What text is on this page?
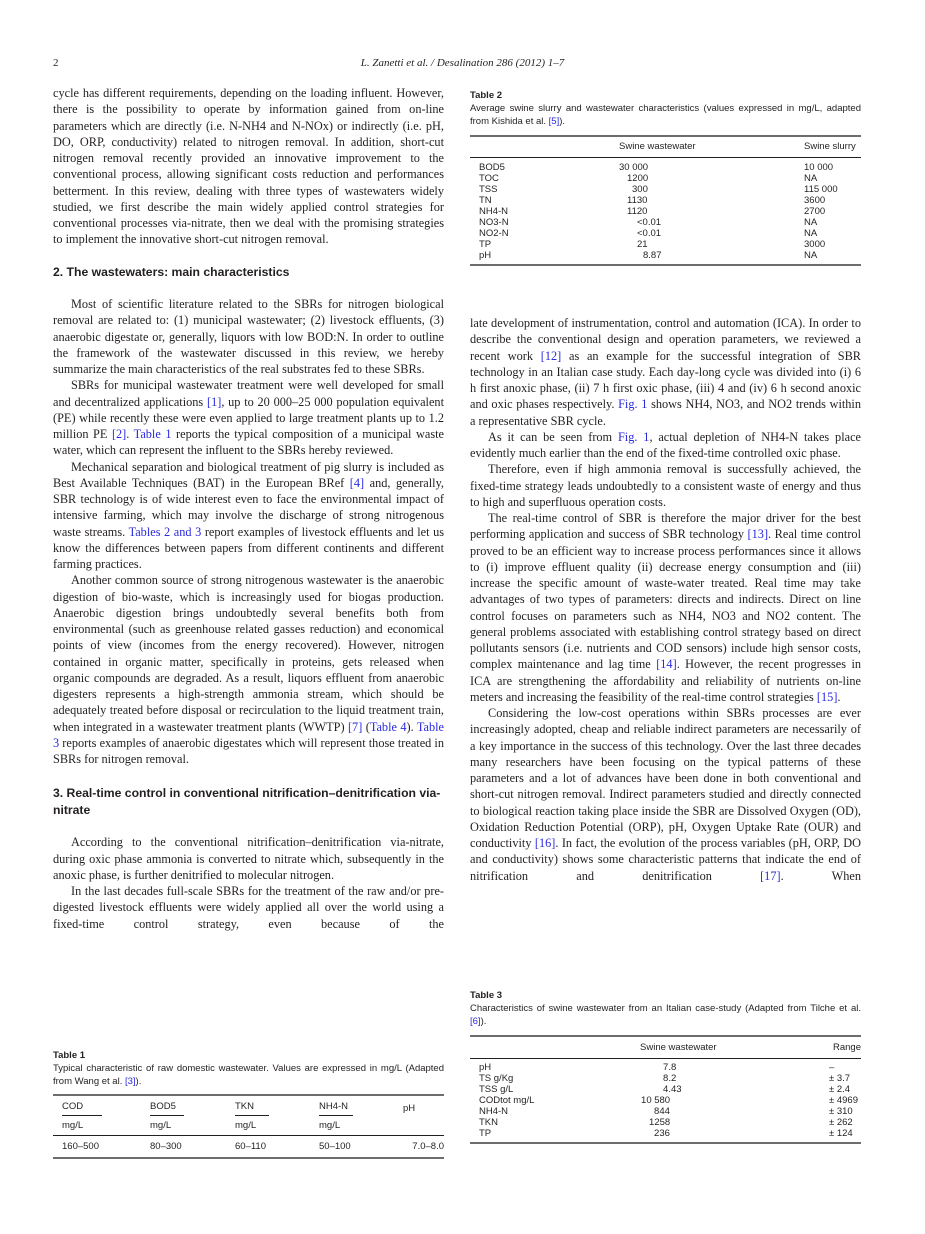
2	L. Zanetti et al. / Desalination 286 (2012) 1–7

cycle has different requirements, depending on the loading influent. However, there is the possibility to operate by information gained from on-line parameters which are directly (i.e. N-NH4 and N-NOx) or indirectly (i.e. pH, DO, ORP, conductivity) related to nitrogen removal. In addition, short-cut nitrogen removal recently provided an innovative improvement to the conventional process, allowing significant costs reduction and performances betterment. In this review, dealing with three types of wastewaters widely studied, we first describe the main widely applied control strategies for conventional processes via-nitrate, then we deal with the promising strategies to implement the innovative short-cut nitrogen removal.

2. The wastewaters: main characteristics

Most of scientific literature related to the SBRs for nitrogen biological removal are related to: (1) municipal wastewater; (2) livestock effluents, (3) anaerobic digestate or, generally, liquors with low BOD:N. In order to outline the framework of the wastewater discussed in this review, we hereby summarize the main characteristics of the real substrates fed to these SBRs.

SBRs for municipal wastewater treatment were well developed for small and decentralized applications [1], up to 20 000–25 000 population equivalent (PE) while recently these were even applied to large treatment plants up to 1.2 million PE [2]. Table 1 reports the typical composition of a municipal waste water, which can represent the influent to the SBRs hereby reviewed.

Mechanical separation and biological treatment of pig slurry is included as Best Available Techniques (BAT) in the European BRef [4] and, generally, SBR technology is of wide interest even to face the environmental impact of intensive farming, which may involve the discharge of strong nitrogenous waste streams. Tables 2 and 3 report examples of livestock effluents and let us know the differences between papers from different continents and different farming practices.

Another common source of strong nitrogenous wastewater is the anaerobic digestion of bio-waste, which is increasingly used for biogas production. Anaerobic digestion brings undoubtedly several benefits both from environmental (such as greenhouse related gasses reduction) and economical points of view (incomes from the energy recovered). However, nitrogen contained in organic matter, specifically in proteins, gets released when organic compounds are degraded. As a result, liquors effluent from anaerobic digesters represents a high-strength ammonia stream, which should be adequately treated before disposal or recirculation to the liquid treatment train, when integrated in a wastewater treatment plants (WWTP) [7] (Table 4). Table 3 reports examples of anaerobic digestates which will represent those treated in SBRs for nitrogen removal.

3. Real-time control in conventional nitrification–denitrification via-nitrate

According to the conventional nitrification–denitrification via-nitrate, during oxic phase ammonia is converted to nitrate which, subsequently in the anoxic phase, is further denitrified to molecular nitrogen.

In the last decades full-scale SBRs for the treatment of the raw and/or pre-digested livestock effluents were widely applied all over the world using a fixed-time control strategy, even because of the

Table 1
Typical characteristic of raw domestic wastewater. Values are expressed in mg/L (Adapted from Wang et al. [3]).
COD	BOD5	TKN	NH4-N	pH
mg/L	mg/L	mg/L	mg/L	
160–500	80–300	60–110	50–100	7.0–8.0

Table 2
Average swine slurry and wastewater characteristics (values expressed in mg/L, adapted from Kishida et al. [5]).
	Swine wastewater	Swine slurry

BOD5	30 000	10 000
TOC	1200	NA
TSS	300	115 000
TN	1130	3600
NH4-N	1120	2700
NO3-N	<0.01	NA
NO2-N	<0.01	NA
TP	21	3000
pH	8.87	NA

late development of instrumentation, control and automation (ICA). In order to describe the conventional design and operation parameters, we reviewed a recent work [12] as an example for the successful integration of SBR technology in an Italian case study. Each day-long cycle was divided into (i) 6 h first anoxic phase, (ii) 7 h first oxic phase, (iii) 4 and (iv) 6 h second anoxic and oxic phases respectively. Fig. 1 shows NH4, NO3, and NO2 trends within a representative SBR cycle.

As it can be seen from Fig. 1, actual depletion of NH4-N takes place evidently much earlier than the end of the fixed-time controlled oxic phase.

Therefore, even if high ammonia removal is successfully achieved, the fixed-time strategy leads undoubtedly to a consistent waste of energy and thus to high and superfluous operation costs.

The real-time control of SBR is therefore the major driver for the best performing application and success of SBR technology [13]. Real time control proved to be an efficient way to increase process performances since it allows to (i) improve effluent quality (ii) decrease energy consumption and (iii) increase the specific amount of waste-water treated. Real time may take advantages of two types of parameters: directs and indirects. Direct on line control focuses on parameters such as NH4, NO3 and NO2 content. The general problems associated with establishing control strategy based on direct pollutants sensors (i.e. nutrients and COD sensors) include high sensor costs, complex maintenance and lag time [14]. However, the recent progresses in ICA are strengthening the affordability and reliability of nutrients on-line meters and increasing the feasibility of the real-time control strategies [15].

Considering the low-cost operations within SBRs processes are ever increasingly adopted, cheap and reliable indirect parameters are necessarily of a key importance in the success of this technology. Over the last three decades many researchers have been focusing on the typical patterns of these parameters and a lot of advances have been done in both conventional and short-cut nitrogen removal. Indirect parameters studied and directly connected to biological reaction taking place inside the SBR are Dissolved Oxygen (OD), Oxidation Reduction Potential (ORP), pH, Oxygen Uptake Rate (OUR) and conductivity [16]. In fact, the evolution of the process variables (pH, ORP, DO and conductivity) shows some characteristic patterns that indicate the end of nitrification and denitrification [17]. When

Table 3
Characteristics of swine wastewater from an Italian case-study (Adapted from Tilche et al. [6]).
	Swine wastewater	Range

pH	7.8	–
TS g/Kg	8.2	± 3.7
TSS g/L	4.43	± 2.4
CODtot mg/L	10 580	± 4969
NH4-N	844	± 310
TKN	1258	± 262
TP	236	± 124
